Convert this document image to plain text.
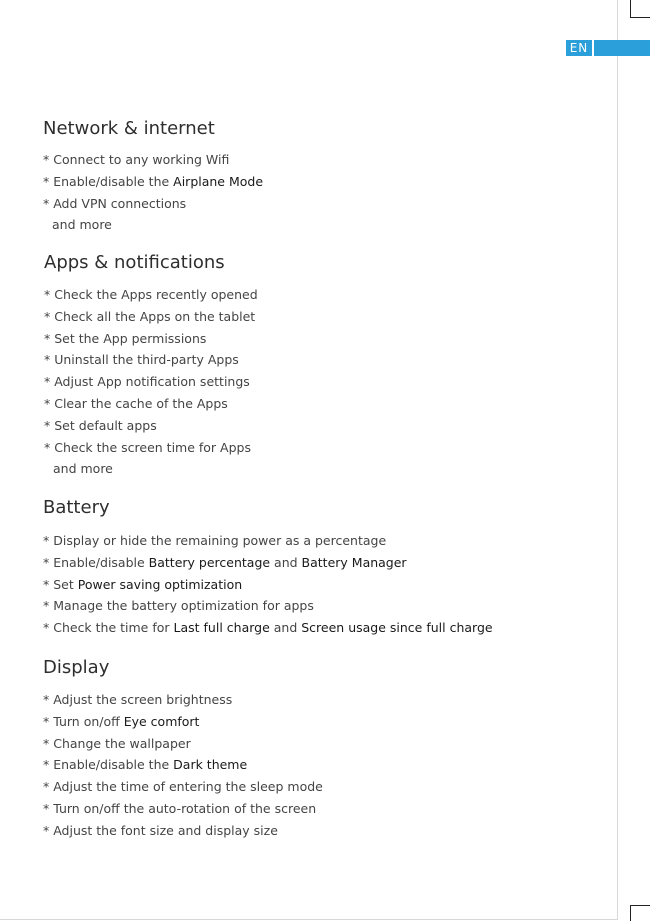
EN
Network & internet
* Connect to any working Wifi
* Enable/disable the Airplane Mode
* Add VPN connections
and more
Apps & notifications
* Check the Apps recently opened
* Check all the Apps on the tablet
* Set the App permissions
* Uninstall the third-party Apps
* Adjust App notification settings
* Clear the cache of the Apps
* Set default apps
* Check the screen time for Apps
and more
Battery
* Display or hide the remaining power as a percentage
* Enable/disable Battery percentage and Battery Manager
* Set Power saving optimization
* Manage the battery optimization for apps
* Check the time for Last full charge and Screen usage since full charge
Display
* Adjust the screen brightness
* Turn on/off Eye comfort
* Change the wallpaper
* Enable/disable the Dark theme
* Adjust the time of entering the sleep mode
* Turn on/off the auto-rotation of the screen
* Adjust the font size and display size
